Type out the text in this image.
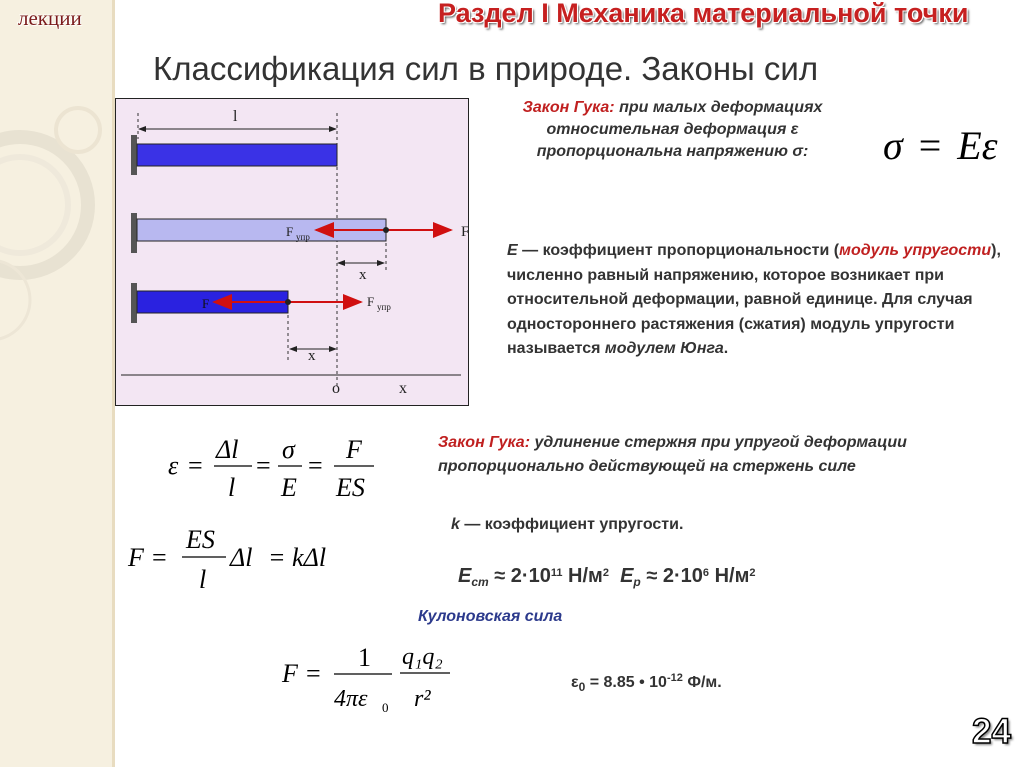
лекции	Раздел I Механика материальной точки
Классификация сил в природе. Законы сил
l
F
F упр
x
F	F упр
x
o	x
Закон Гука: при малых деформациях относительная деформация ε пропорциональна напряжению σ:	σ = Eε
E — коэффициент пропорциональности (модуль упругости), численно равный напряжению, которое возникает при относительной деформации, равной единице. Для случая одностороннего растяжения (сжатия) модуль упругости называется модулем Юнга.
ε =
Δl
l
=
σ
E
=
F
ES
F =
ES
l
Δl = kΔl
Закон Гука: удлинение стержня при упругой деформации пропорционально действующей на стержень силе
k — коэффициент упругости.
$E_{ст} \approx 2\cdot 10^{11}$ $Н/м^2$ $E_р \approx 2\cdot 10^6$ $Н/м^2$
Кулоновская сила
F =
1
4πε 0
q₁q₂
r²
$\varepsilon_0 = 8.85$ • $10^{-12}$ Ф/м.
24
